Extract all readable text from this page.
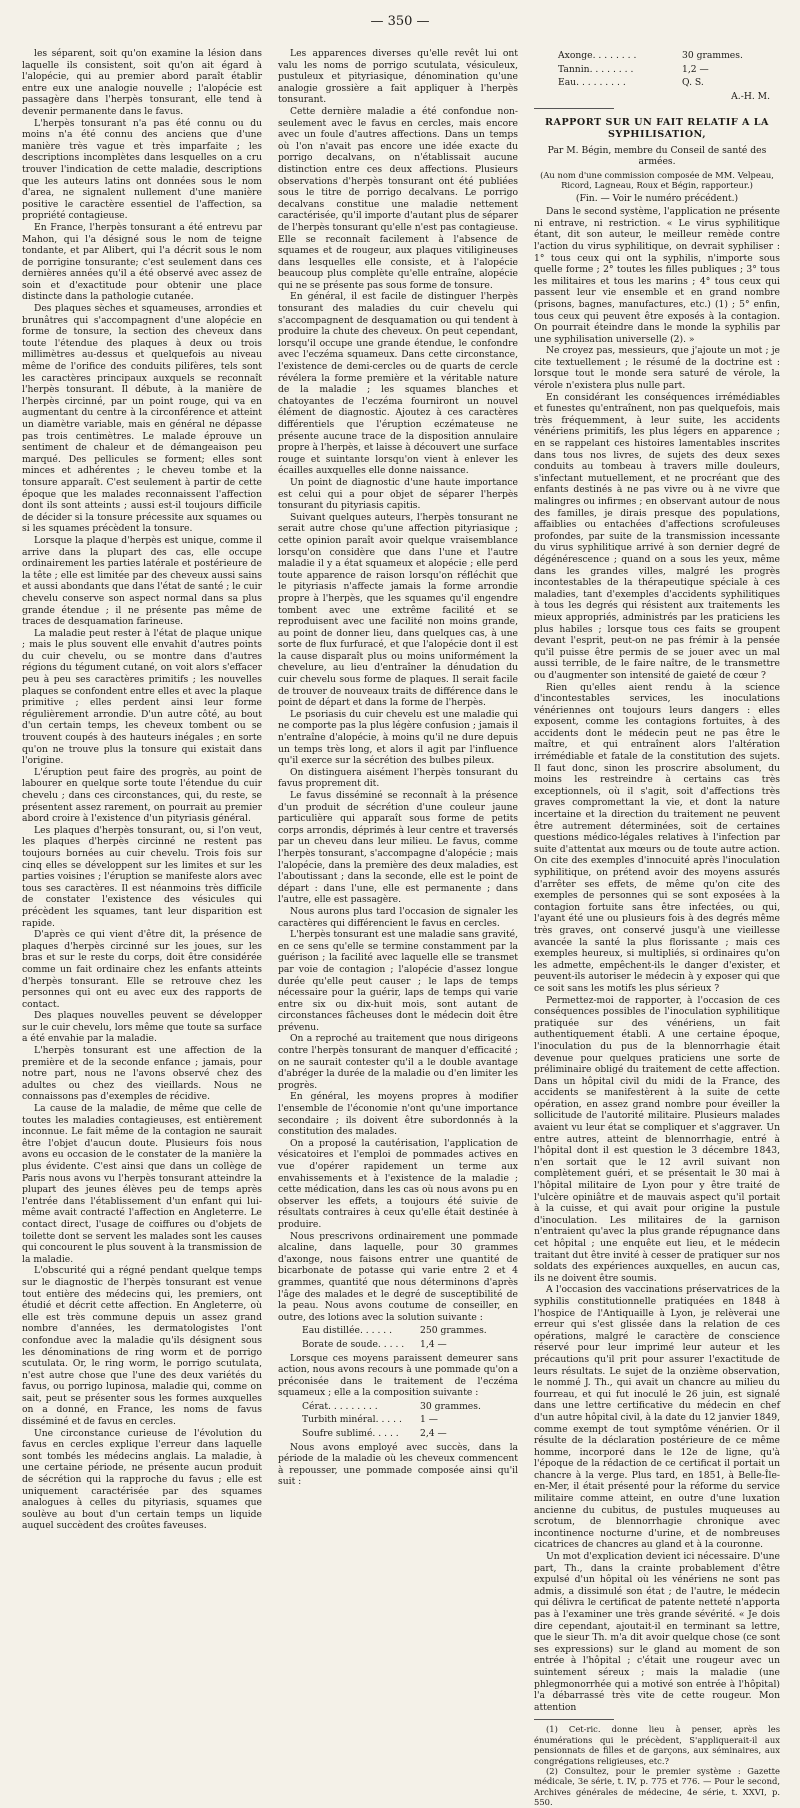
— 350 —

les séparent, soit qu'on examine la lésion dans laquelle ils consistent, soit qu'on ait égard à l'alopécie, qui au premier abord paraît établir entre eux une analogie nouvelle ; l'alopécie est passagère dans l'herpès tonsurant, elle tend à devenir permanente dans le favus.

L'herpès tonsurant n'a pas été connu ou du moins n'a été connu des anciens que d'une manière très vague et très imparfaite ; les descriptions incomplètes dans lesquelles on a cru trouver l'indication de cette maladie, descriptions que les auteurs latins ont données sous le nom d'area, ne signalent nullement d'une manière positive le caractère essentiel de l'affection, sa propriété contagieuse.

En France, l'herpès tonsurant a été entrevu par Mahon, qui l'a désigné sous le nom de teigne tondante, et par Alibert, qui l'a décrit sous le nom de porrigine tonsurante; c'est seulement dans ces dernières années qu'il a été observé avec assez de soin et d'exactitude pour obtenir une place distincte dans la pathologie cutanée.

Des plaques sèches et squameuses, arrondies et brunâtres qui s'accompagnent d'une alopécie en forme de tonsure, la section des cheveux dans toute l'étendue des plaques à deux ou trois millimètres au-dessus et quelquefois au niveau même de l'orifice des conduits pilifères, tels sont les caractères principaux auxquels se reconnaît l'herpès tonsurant. Il débute, à la manière de l'herpès circinné, par un point rouge, qui va en augmentant du centre à la circonférence et atteint un diamètre variable, mais en général ne dépasse pas trois centimètres. Le malade éprouve un sentiment de chaleur et de démangeaison peu marqué. Des pellicules se forment; elles sont minces et adhérentes ; le cheveu tombe et la tonsure apparaît. C'est seulement à partir de cette époque que les malades reconnaissent l'affection dont ils sont atteints ; aussi est-il toujours difficile de décider si la tonsure précessite aux squames ou si les squames précèdent la tonsure.

Lorsque la plaque d'herpès est unique, comme il arrive dans la plupart des cas, elle occupe ordinairement les parties latérale et postérieure de la tête ; elle est limitée par des cheveux aussi sains et aussi abondants que dans l'état de santé ; le cuir chevelu conserve son aspect normal dans sa plus grande étendue ; il ne présente pas même de traces de desquamation farineuse.

La maladie peut rester à l'état de plaque unique ; mais le plus souvent elle envahit d'autres points du cuir chevelu, ou se montre dans d'autres régions du tégument cutané, on voit alors s'effacer peu à peu ses caractères primitifs ; les nouvelles plaques se confondent entre elles et avec la plaque primitive ; elles perdent ainsi leur forme régulièrement arrondie. D'un autre côté, au bout d'un certain temps, les cheveux tombent ou se trouvent coupés à des hauteurs inégales ; en sorte qu'on ne trouve plus la tonsure qui existait dans l'origine.

L'éruption peut faire des progrès, au point de labourer en quelque sorte toute l'étendue du cuir chevelu ; dans ces circonstances, qui, du reste, se présentent assez rarement, on pourrait au premier abord croire à l'existence d'un pityriasis général.

Les plaques d'herpès tonsurant, ou, si l'on veut, les plaques d'herpès circinné ne restent pas toujours bornées au cuir chevelu. Trois fois sur cinq elles se développent sur les limites et sur les parties voisines ; l'éruption se manifeste alors avec tous ses caractères. Il est néanmoins très difficile de constater l'existence des vésicules qui précèdent les squames, tant leur disparition est rapide.

D'après ce qui vient d'être dit, la présence de plaques d'herpès circinné sur les joues, sur les bras et sur le reste du corps, doit être considérée comme un fait ordinaire chez les enfants atteints d'herpès tonsurant. Elle se retrouve chez les personnes qui ont eu avec eux des rapports de contact.

Des plaques nouvelles peuvent se développer sur le cuir chevelu, lors même que toute sa surface a été envahie par la maladie.

L'herpès tonsurant est une affection de la première et de la seconde enfance ; jamais, pour notre part, nous ne l'avons observé chez des adultes ou chez des vieillards. Nous ne connaissons pas d'exemples de récidive.

La cause de la maladie, de même que celle de toutes les maladies contagieuses, est entièrement inconnue. Le fait même de la contagion ne saurait être l'objet d'aucun doute. Plusieurs fois nous avons eu occasion de le constater de la manière la plus évidente. C'est ainsi que dans un collège de Paris nous avons vu l'herpès tonsurant atteindre la plupart des jeunes élèves peu de temps après l'entrée dans l'établissement d'un enfant qui lui-même avait contracté l'affection en Angleterre. Le contact direct, l'usage de coiffures ou d'objets de toilette dont se servent les malades sont les causes qui concourent le plus souvent à la transmission de la maladie.

L'obscurité qui a régné pendant quelque temps sur le diagnostic de l'herpès tonsurant est venue tout entière des médecins qui, les premiers, ont étudié et décrit cette affection. En Angleterre, où elle est très commune depuis un assez grand nombre d'années, les dermatologistes l'ont confondue avec la maladie qu'ils désignent sous les dénominations de ring worm et de porrigo scutulata. Or, le ring worm, le porrigo scutulata, n'est autre chose que l'une des deux variétés du favus, ou porrigo lupinosa, maladie qui, comme on sait, peut se présenter sous les formes auxquelles on a donné, en France, les noms de favus disséminé et de favus en cercles.

Une circonstance curieuse de l'évolution du favus en cercles explique l'erreur dans laquelle sont tombés les médecins anglais. La maladie, à une certaine période, ne présente aucun produit de sécrétion qui la rapproche du favus ; elle est uniquement caractérisée par des squames analogues à celles du pityriasis, squames que soulève au bout d'un certain temps un liquide auquel succèdent des croûtes faveuses.

Les apparences diverses qu'elle revêt lui ont valu les noms de porrigo scutulata, vésiculeux, pustuleux et pityriasique, dénomination qu'une analogie grossière a fait appliquer à l'herpès tonsurant.

Cette dernière maladie a été confondue non-seulement avec le favus en cercles, mais encore avec un foule d'autres affections. Dans un temps où l'on n'avait pas encore une idée exacte du porrigo decalvans, on n'établissait aucune distinction entre ces deux affections. Plusieurs observations d'herpès tonsurant ont été publiées sous le titre de porrigo decalvans. Le porrigo decalvans constitue une maladie nettement caractérisée, qu'il importe d'autant plus de séparer de l'herpès tonsurant qu'elle n'est pas contagieuse. Elle se reconnaît facilement à l'absence de squames et de rougeur, aux plaques vitiligineuses dans lesquelles elle consiste, et à l'alopécie beaucoup plus complète qu'elle entraîne, alopécie qui ne se présente pas sous forme de tonsure.

En général, il est facile de distinguer l'herpès tonsurant des maladies du cuir chevelu qui s'accompagnent de desquamation ou qui tendent à produire la chute des cheveux. On peut cependant, lorsqu'il occupe une grande étendue, le confondre avec l'eczéma squameux. Dans cette circonstance, l'existence de demi-cercles ou de quarts de cercle révélera la forme première et la véritable nature de la maladie ; les squames blanches et chatoyantes de l'eczéma fourniront un nouvel élément de diagnostic. Ajoutez à ces caractères différentiels que l'éruption eczémateuse ne présente aucune trace de la disposition annulaire propre à l'herpès, et laisse à découvert une surface rouge et suintante lorsqu'on vient à enlever les écailles auxquelles elle donne naissance.

Un point de diagnostic d'une haute importance est celui qui a pour objet de séparer l'herpès tonsurant du pityriasis capitis.

Suivant quelques auteurs, l'herpès tonsurant ne serait autre chose qu'une affection pityriasique ; cette opinion paraît avoir quelque vraisemblance lorsqu'on considère que dans l'une et l'autre maladie il y a état squameux et alopécie ; elle perd toute apparence de raison lorsqu'on réfléchit que le pityriasis n'affecte jamais la forme arrondie propre à l'herpès, que les squames qu'il engendre tombent avec une extrême facilité et se reproduisent avec une facilité non moins grande, au point de donner lieu, dans quelques cas, à une sorte de flux furfuracé, et que l'alopécie dont il est la cause disparaît plus ou moins uniformément la chevelure, au lieu d'entraîner la dénudation du cuir chevelu sous forme de plaques. Il serait facile de trouver de nouveaux traits de différence dans le point de départ et dans la forme de l'herpès.

Le psoriasis du cuir chevelu est une maladie qui ne comporte pas la plus légère confusion ; jamais il n'entraîne d'alopécie, à moins qu'il ne dure depuis un temps très long, et alors il agit par l'influence qu'il exerce sur la sécrétion des bulbes pileux.

On distinguera aisément l'herpès tonsurant du favus proprement dit.

Le favus disséminé se reconnaît à la présence d'un produit de sécrétion d'une couleur jaune particulière qui apparaît sous forme de petits corps arrondis, déprimés à leur centre et traversés par un cheveu dans leur milieu. Le favus, comme l'herpès tonsurant, s'accompagne d'alopécie ; mais l'alopécie, dans la première des deux maladies, est l'aboutissant ; dans la seconde, elle est le point de départ : dans l'une, elle est permanente ; dans l'autre, elle est passagère.

Nous aurons plus tard l'occasion de signaler les caractères qui différencient le favus en cercles.

L'herpès tonsurant est une maladie sans gravité, en ce sens qu'elle se termine constamment par la guérison ; la facilité avec laquelle elle se transmet par voie de contagion ; l'alopécie d'assez longue durée qu'elle peut causer ; le laps de temps nécessaire pour la guérir, laps de temps qui varie entre six ou dix-huit mois, sont autant de circonstances fâcheuses dont le médecin doit être prévenu.

On a reproché au traitement que nous dirigeons contre l'herpès tonsurant de manquer d'efficacité ; on ne saurait contester qu'il a le double avantage d'abréger la durée de la maladie ou d'en limiter les progrès.

En général, les moyens propres à modifier l'ensemble de l'économie n'ont qu'une importance secondaire ; ils doivent être subordonnés à la constitution des malades.

On a proposé la cautérisation, l'application de vésicatoires et l'emploi de pommades actives en vue d'opérer rapidement un terme aux envahissements et à l'existence de la maladie ; cette médication, dans les cas où nous avons pu en observer les effets, a toujours été suivie de résultats contraires à ceux qu'elle était destinée à produire.

Nous prescrivons ordinairement une pommade alcaline, dans laquelle, pour 30 grammes d'axonge, nous faisons entrer une quantité de bicarbonate de potasse qui varie entre 2 et 4 grammes, quantité que nous déterminons d'après l'âge des malades et le degré de susceptibilité de la peau. Nous avons coutume de conseiller, en outre, des lotions avec la solution suivante :

Eau distillée. . . . . .	250 grammes.
Borate de soude. . . . . 1,4 —

Lorsque ces moyens paraissent demeurer sans action, nous avons recours à une pommade qu'on a préconisée dans le traitement de l'eczéma squameux ; elle a la composition suivante :

Cérat. . . . . . . . .	30 grammes.
Turbith minéral. . . . . 1 —
Soufre sublimé. . . . . 2,4 —

Nous avons employé avec succès, dans la période de la maladie où les cheveux commencent à repousser, une pommade composée ainsi qu'il suit :

Axonge. . . . . . . .	30 grammes.
Tannin. . . . . . . .	1,2 —
Eau. . . . . . . . .	Q. S.
A.-H. M.
RAPPORT SUR UN FAIT RELATIF A LA SYPHILISATION,
Par M. Bégin, membre du Conseil de santé des armées.
(Au nom d'une commission composée de MM. Velpeau, Ricord, Lagneau, Roux et Bégin, rapporteur.)
(Fin. — Voir le numéro précédent.)

Dans le second système, l'application ne présente ni entrave, ni restriction. « Le virus syphilitique étant, dit son auteur, le meilleur remède contre l'action du virus syphilitique, on devrait syphiliser : 1° tous ceux qui ont la syphilis, n'importe sous quelle forme ; 2° toutes les filles publiques ; 3° tous les militaires et tous les marins ; 4° tous ceux qui passent leur vie ensemble et en grand nombre (prisons, bagnes, manufactures, etc.) (1) ; 5° enfin, tous ceux qui peuvent être exposés à la contagion. On pourrait éteindre dans le monde la syphilis par une syphilisation universelle (2). »

Ne croyez pas, messieurs, que j'ajoute un mot ; je cite textuellement ; le résumé de la doctrine est : lorsque tout le monde sera saturé de vérole, la vérole n'existera plus nulle part.

En considérant les conséquences irrémédiables et funestes qu'entraînent, non pas quelquefois, mais très fréquemment, à leur suite, les accidents vénériens primitifs, les plus légers en apparence ; en se rappelant ces histoires lamentables inscrites dans tous nos livres, de sujets des deux sexes conduits au tombeau à travers mille douleurs, s'infectant mutuellement, et ne procréant que des enfants destinés à ne pas vivre ou à ne vivre que malingres ou infirmes ; en observant autour de nous des familles, je dirais presque des populations, affaiblies ou entachées d'affections scrofuleuses profondes, par suite de la transmission incessante du virus syphilitique arrivé à son dernier degré de dégénérescence ; quand on a sous les yeux, même dans les grandes villes, malgré les progrès incontestables de la thérapeutique spéciale à ces maladies, tant d'exemples d'accidents syphilitiques à tous les degrés qui résistent aux traitements les mieux appropriés, administrés par les praticiens les plus habiles ; lorsque tous ces faits se groupent devant l'esprit, peut-on ne pas frémir à la pensée qu'il puisse être permis de se jouer avec un mal aussi terrible, de le faire naître, de le transmettre ou d'augmenter son intensité de gaieté de cœur ?

Rien qu'elles aient rendu à la science d'incontestables services, les inoculations vénériennes ont toujours leurs dangers : elles exposent, comme les contagions fortuites, à des accidents dont le médecin peut ne pas être le maître, et qui entraînent alors l'altération irrémédiable et fatale de la constitution des sujets. Il faut donc, sinon les proscrire absolument, du moins les restreindre à certains cas très exceptionnels, où il s'agit, soit d'affections très graves compromettant la vie, et dont la nature incertaine et la direction du traitement ne peuvent être autrement déterminées, soit de certaines questions médico-légales relatives à l'infection par suite d'attentat aux mœurs ou de toute autre action. On cite des exemples d'innocuité après l'inoculation syphilitique, on prétend avoir des moyens assurés d'arrêter ses effets, de même qu'on cite des exemples de personnes qui se sont exposées à la contagion fortuite sans être infectées, ou qui, l'ayant été une ou plusieurs fois à des degrés même très graves, ont conservé jusqu'à une vieillesse avancée la santé la plus florissante ; mais ces exemples heureux, si multipliés, si ordinaires qu'on les admette, empêchent-ils le danger d'exister, et peuvent-ils autoriser le médecin à y exposer qui que ce soit sans les motifs les plus sérieux ?

Permettez-moi de rapporter, à l'occasion de ces conséquences possibles de l'inoculation syphilitique pratiquée sur des vénériens, un fait authentiquement établi. A une certaine époque, l'inoculation du pus de la blennorrhagie était devenue pour quelques praticiens une sorte de préliminaire obligé du traitement de cette affection. Dans un hôpital civil du midi de la France, des accidents se manifestèrent à la suite de cette opération, en assez grand nombre pour éveiller la sollicitude de l'autorité militaire. Plusieurs malades avaient vu leur état se compliquer et s'aggraver. Un entre autres, atteint de blennorrhagie, entré à l'hôpital dont il est question le 3 décembre 1843, n'en sortait que le 12 avril suivant non complètement guéri, et se présentait le 30 mai à l'hôpital militaire de Lyon pour y être traité de l'ulcère opiniâtre et de mauvais aspect qu'il portait à la cuisse, et qui avait pour origine la pustule d'inoculation. Les militaires de la garnison n'entraient qu'avec la plus grande répugnance dans cet hôpital ; une enquête eut lieu, et le médecin traitant dut être invité à cesser de pratiquer sur nos soldats des expériences auxquelles, en aucun cas, ils ne doivent être soumis.

A l'occasion des vaccinations préservatrices de la syphilis constitutionnelle pratiquées en 1848 à l'hospice de l'Antiquaille à Lyon, je relèverai une erreur qui s'est glissée dans la relation de ces opérations, malgré le caractère de conscience réservé pour leur imprimé leur auteur et les précautions qu'il prit pour assurer l'exactitude de leurs résultats. Le sujet de la onzième observation, le nommé J. Th., qui avait un chancre au milieu du fourreau, et qui fut inoculé le 26 juin, est signalé dans une lettre certificative du médecin en chef d'un autre hôpital civil, à la date du 12 janvier 1849, comme exempt de tout symptôme vénérien. Or il résulte de la déclaration postérieure de ce même homme, incorporé dans le 12e de ligne, qu'à l'époque de la rédaction de ce certificat il portait un chancre à la verge. Plus tard, en 1851, à Belle-Île-en-Mer, il était présenté pour la réforme du service militaire comme atteint, en outre d'une luxation ancienne du cubitus, de pustules muqueuses au scrotum, de blennorrhagie chronique avec incontinence nocturne d'urine, et de nombreuses cicatrices de chancres au gland et à la couronne.

Un mot d'explication devient ici nécessaire. D'une part, Th., dans la crainte probablement d'être expulsé d'un hôpital où les vénériens ne sont pas admis, a dissimulé son état ; de l'autre, le médecin qui délivra le certificat de patente netteté n'apporta pas à l'examiner une très grande sévérité. « Je dois dire cependant, ajoutait-il en terminant sa lettre, que le sieur Th. m'a dit avoir quelque chose (ce sont ses expressions) sur le gland au moment de son entrée à l'hôpital ; c'était une rougeur avec un suintement séreux ; mais la maladie (une phlegmonorrhée qui a motivé son entrée à l'hôpital) l'a débarrassé très vite de cette rougeur. Mon attention

(1) Cet-ric. donne lieu à penser, après les énumérations qui le précèdent, S'appliquerait-il aux pensionnats de filles et de garçons, aux séminaires, aux congrégations religieuses, etc.?

(2) Consultez, pour le premier système : Gazette médicale, 3e série, t. IV, p. 775 et 776. — Pour le second, Archives générales de médecine, 4e série, t. XXVI, p. 550.
